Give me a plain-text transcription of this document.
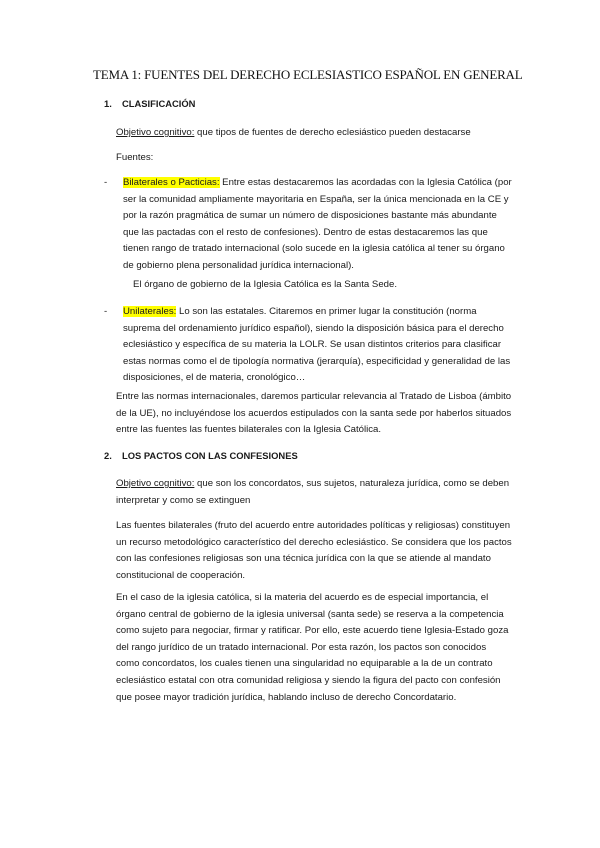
TEMA 1: FUENTES DEL DERECHO ECLESIASTICO ESPAÑOL EN GENERAL
1. CLASIFICACIÓN

Objetivo cognitivo: que tipos de fuentes de derecho eclesiástico pueden destacarse

Fuentes:

-	Bilaterales o Pacticias: Entre estas destacaremos las acordadas con la Iglesia Católica (por ser la comunidad ampliamente mayoritaria en España, ser la única mencionada en la CE y por la razón pragmática de sumar un número de disposiciones bastante más abundante que las pactadas con el resto de confesiones). Dentro de estas destacaremos las que tienen rango de tratado internacional (solo sucede en la iglesia católica al tener su órgano de gobierno plena personalidad jurídica internacional).

El órgano de gobierno de la Iglesia Católica es la Santa Sede.

-	Unilaterales: Lo son las estatales. Citaremos en primer lugar la constitución (norma suprema del ordenamiento jurídico español), siendo la disposición básica para el derecho eclesiástico y específica de su materia la LOLR. Se usan distintos criterios para clasificar estas normas como el de tipología normativa (jerarquía), especificidad y generalidad de las disposiciones, el de materia, cronológico…

Entre las normas internacionales, daremos particular relevancia al Tratado de Lisboa (ámbito de la UE), no incluyéndose los acuerdos estipulados con la santa sede por haberlos situados entre las fuentes las fuentes bilaterales con la Iglesia Católica.

2. LOS PACTOS CON LAS CONFESIONES

Objetivo cognitivo: que son los concordatos, sus sujetos, naturaleza jurídica, como se deben interpretar y como se extinguen

Las fuentes bilaterales (fruto del acuerdo entre autoridades políticas y religiosas) constituyen un recurso metodológico característico del derecho eclesiástico. Se considera que los pactos con las confesiones religiosas son una técnica jurídica con la que se atiende al mandato constitucional de cooperación.

En el caso de la iglesia católica, si la materia del acuerdo es de especial importancia, el órgano central de gobierno de la iglesia universal (santa sede) se reserva a la competencia como sujeto para negociar, firmar y ratificar. Por ello, este acuerdo tiene Iglesia-Estado goza del rango jurídico de un tratado internacional. Por esta razón, los pactos son conocidos como concordatos, los cuales tienen una singularidad no equiparable a la de un contrato eclesiástico estatal con otra comunidad religiosa y siendo la figura del pacto con confesión que posee mayor tradición jurídica, hablando incluso de derecho Concordatario.
